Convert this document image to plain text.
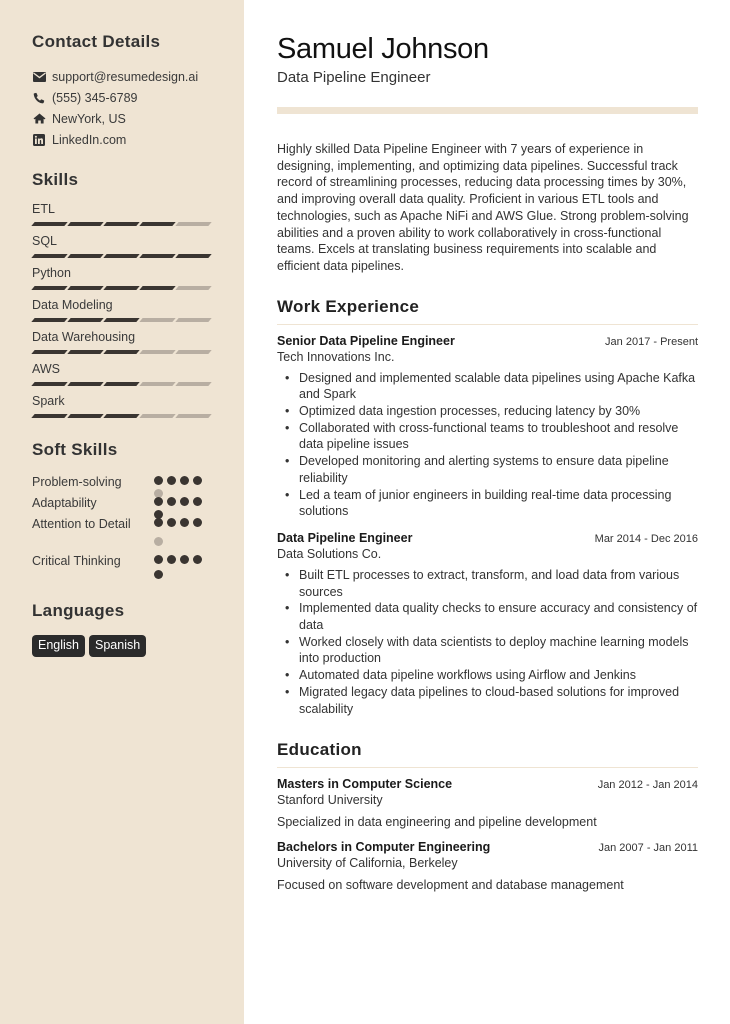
Contact Details
support@resumedesign.ai
(555) 345-6789
NewYork, US
LinkedIn.com
Skills
ETL
SQL
Python
Data Modeling
Data Warehousing
AWS
Spark
Soft Skills
Problem-solving
Adaptability
Attention to Detail
Critical Thinking
Languages
English	Spanish
Samuel Johnson
Data Pipeline Engineer

Highly skilled Data Pipeline Engineer with 7 years of experience in designing, implementing, and optimizing data pipelines. Successful track record of streamlining processes, reducing data processing times by 30%, and improving overall data quality. Proficient in various ETL tools and technologies, such as Apache NiFi and AWS Glue. Strong problem-solving abilities and a proven ability to work collaboratively in cross-functional teams. Excels at translating business requirements into scalable and efficient data pipelines.

Work Experience
Senior Data Pipeline Engineer	Jan 2017 - Present
Tech Innovations Inc.
• Designed and implemented scalable data pipelines using Apache Kafka and Spark
• Optimized data ingestion processes, reducing latency by 30%
• Collaborated with cross-functional teams to troubleshoot and resolve data pipeline issues
• Developed monitoring and alerting systems to ensure data pipeline reliability
• Led a team of junior engineers in building real-time data processing solutions
Data Pipeline Engineer	Mar 2014 - Dec 2016
Data Solutions Co.
• Built ETL processes to extract, transform, and load data from various sources
• Implemented data quality checks to ensure accuracy and consistency of data
• Worked closely with data scientists to deploy machine learning models into production
• Automated data pipeline workflows using Airflow and Jenkins
• Migrated legacy data pipelines to cloud-based solutions for improved scalability
Education
Masters in Computer Science	Jan 2012 - Jan 2014
Stanford University
Specialized in data engineering and pipeline development
Bachelors in Computer Engineering	Jan 2007 - Jan 2011
University of California, Berkeley
Focused on software development and database management
